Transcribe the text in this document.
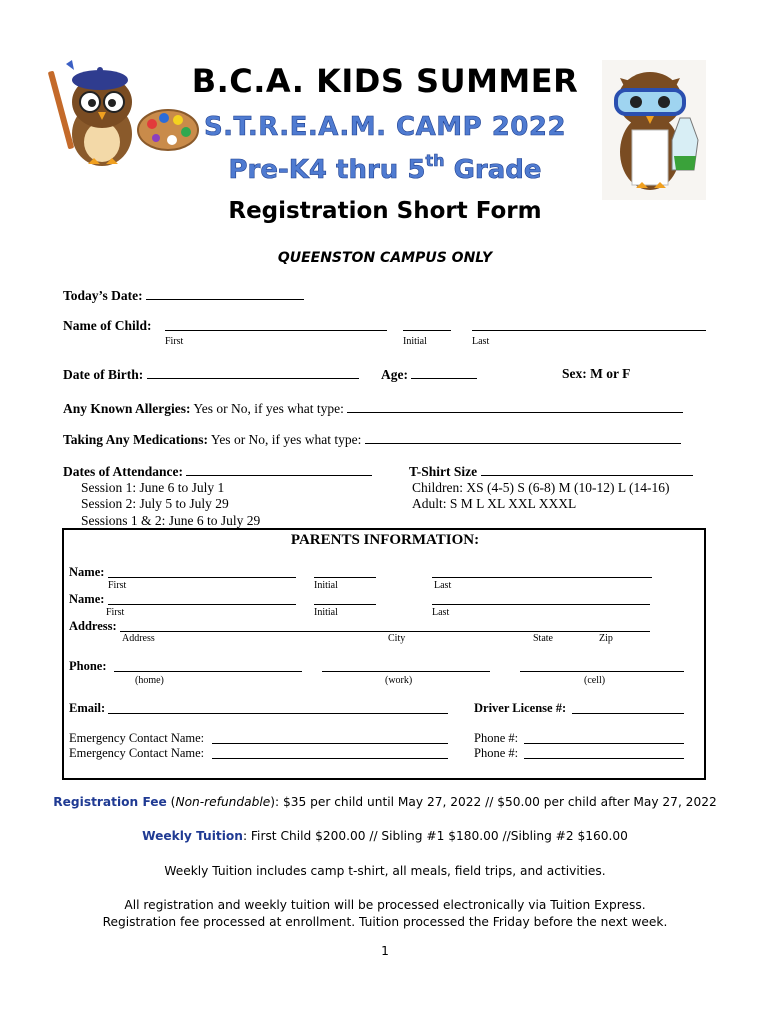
B.C.A. KIDS SUMMER
S.T.R.E.A.M. CAMP 2022
Pre-K4 thru 5th Grade
Registration Short Form
QUEENSTON CAMPUS ONLY
Today’s Date:
Name of Child:
First	Initial	Last
Date of Birth:	Age:	Sex: M or F
Any Known Allergies: Yes or No, if yes what type:
Taking Any Medications: Yes or No, if yes what type:
Dates of Attendance:
Session 1: June 6 to July 1
Session 2: July 5 to July 29
Sessions 1 & 2: June 6 to July 29
T-Shirt Size
Children: XS (4-5) S (6-8) M (10-12) L (14-16)
Adult: S M L XL XXL XXXL
PARENTS INFORMATION:
Name:
First	Initial	Last
Name:
First	Initial	Last
Address:
Address	City	State	Zip
Phone:
(home)	(work)	(cell)
Email:	Driver License #:
Emergency Contact Name:	Phone #:
Emergency Contact Name:	Phone #:
Registration Fee (Non-refundable): $35 per child until May 27, 2022 // $50.00 per child after May 27, 2022
Weekly Tuition: First Child $200.00 // Sibling #1 $180.00 //Sibling #2 $160.00
Weekly Tuition includes camp t-shirt, all meals, field trips, and activities.
All registration and weekly tuition will be processed electronically via Tuition Express.
Registration fee processed at enrollment. Tuition processed the Friday before the next week.
1
